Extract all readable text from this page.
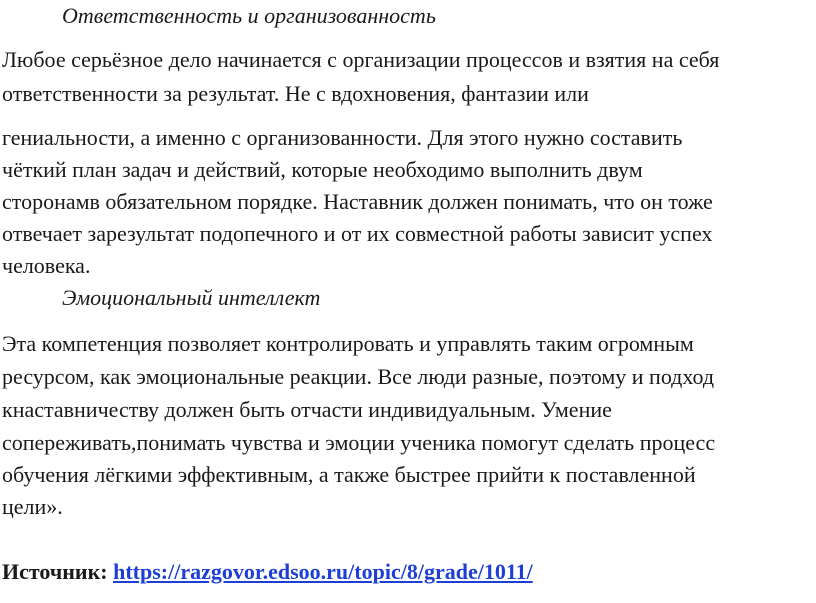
Ответственность и организованность
Любое серьёзное дело начинается с организации процессов и взятия на себя
ответственности за результат. Не с вдохновения, фантазии или
гениальности, а именно с организованности. Для этого нужно составить
чёткий план задач и действий, которые необходимо выполнить двум
сторонамв обязательном порядке. Наставник должен понимать, что он тоже
отвечает зарезультат подопечного и от их совместной работы зависит успех
человека.
Эмоциональный интеллект
Эта компетенция позволяет контролировать и управлять таким огромным
ресурсом, как эмоциональные реакции. Все люди разные, поэтому и подход
кнаставничеству должен быть отчасти индивидуальным. Умение
сопереживать,понимать чувства и эмоции ученика помогут сделать процесс
обучения лёгкими эффективным, а также быстрее прийти к поставленной
цели».
Источник: https://razgovor.edsoo.ru/topic/8/grade/1011/
